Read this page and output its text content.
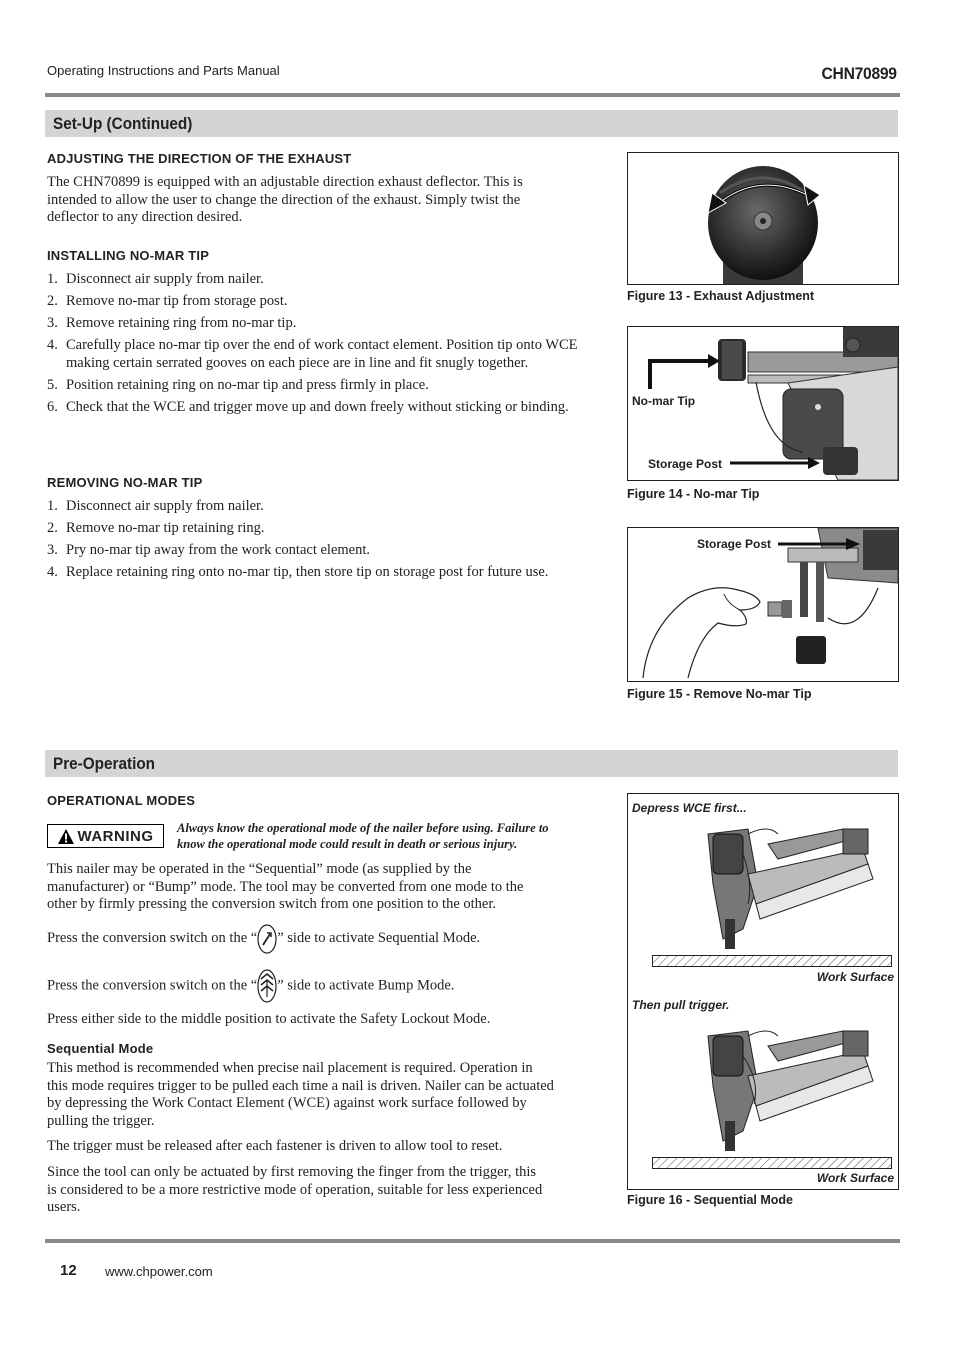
Operating Instructions and Parts Manual	CHN70899
Set-Up (Continued)
ADJUSTING THE DIRECTION OF THE EXHAUST
The CHN70899 is equipped with an adjustable direction exhaust deflector. This is
intended to allow the user to change the direction of the exhaust. Simply twist the
deflector to any direction desired.
INSTALLING NO-MAR TIP
1. Disconnect air supply from nailer.
2. Remove no-mar tip from storage post.
3. Remove retaining ring from no-mar tip.
4. Carefully place no-mar tip over the end of work contact element. Position tip onto WCE making certain serrated gooves on each piece are in line and fit snugly together.
5. Position retaining ring on no-mar tip and press firmly in place.
6. Check that the WCE and trigger move up and down freely without sticking or binding.
REMOVING NO-MAR TIP
1. Disconnect air supply from nailer.
2. Remove no-mar tip retaining ring.
3. Pry no-mar tip away from the work contact element.
4. Replace retaining ring onto no-mar tip, then store tip on storage post for future use.
Figure 13 - Exhaust Adjustment
No-mar Tip
Storage Post
Figure 14 - No-mar Tip
Storage Post
Figure 15 - Remove No-mar Tip
Pre-Operation
OPERATIONAL MODES
WARNING Always know the operational mode of the nailer before using. Failure to
know the operational mode could result in death or serious injury.
This nailer may be operated in the “Sequential” mode (as supplied by the
manufacturer) or “Bump” mode. The tool may be converted from one mode to the
other by firmly pressing the conversion switch from one position to the other.
Press the conversion switch on the “ ” side to activate Sequential Mode.
Press the conversion switch on the “ ” side to activate Bump Mode.
Press either side to the middle position to activate the Safety Lockout Mode.
Sequential Mode
This method is recommended when precise nail placement is required. Operation in
this mode requires trigger to be pulled each time a nail is driven. Nailer can be actuated
by depressing the Work Contact Element (WCE) against work surface followed by
pulling the trigger.
The trigger must be released after each fastener is driven to allow tool to reset.
Since the tool can only be actuated by first removing the finger from the trigger, this
is considered to be a more restrictive mode of operation, suitable for less experienced
users.
Depress WCE first...
Work Surface
Then pull trigger.
Work Surface
Figure 16 - Sequential Mode
12 www.chpower.com
